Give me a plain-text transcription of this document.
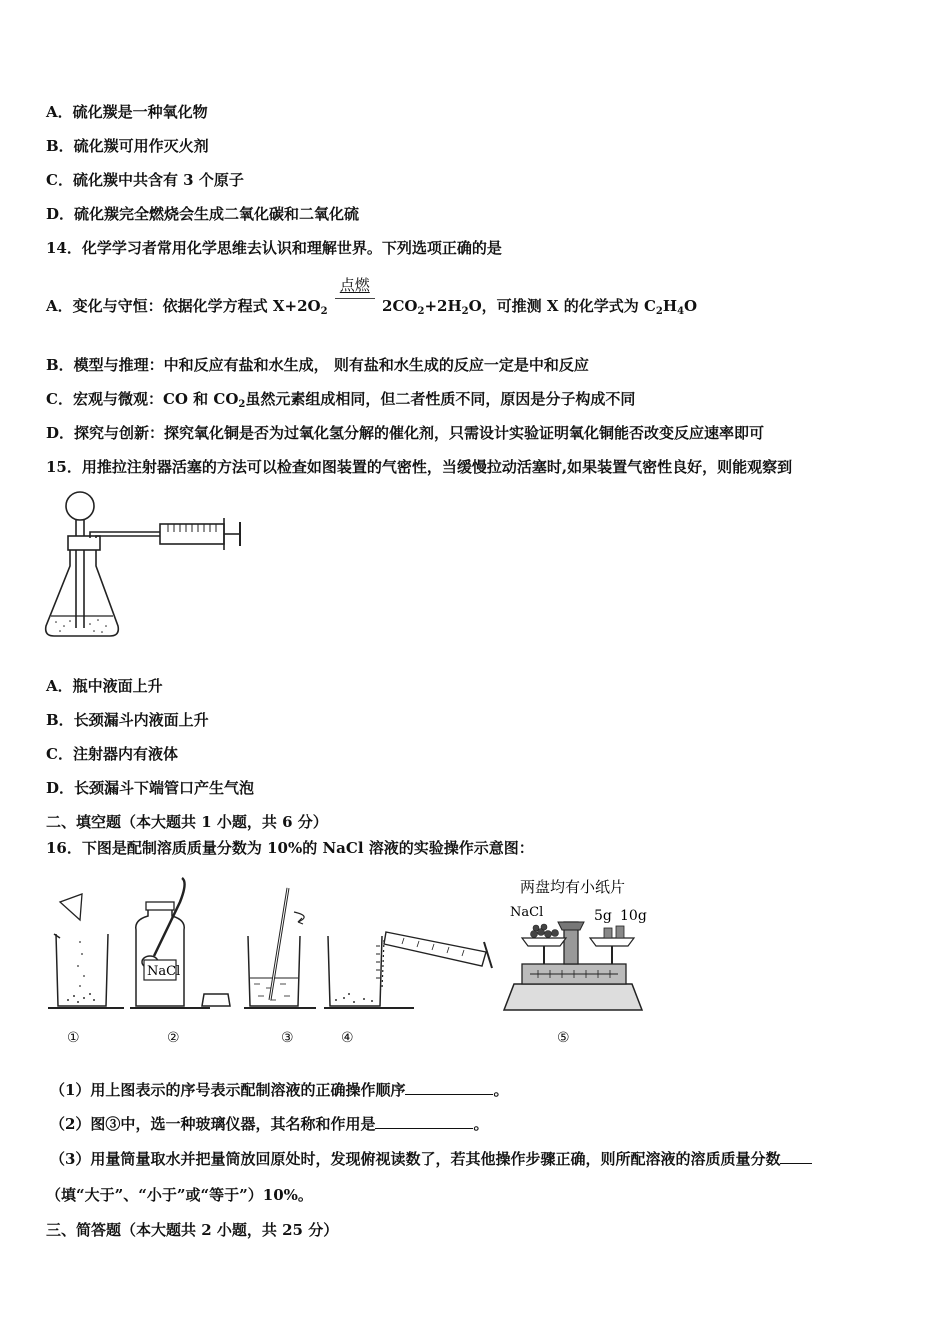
A．硫化羰是一种氧化物
B．硫化羰可用作灭火剂
C．硫化羰中共含有 3 个原子
D．硫化羰完全燃烧会生成二氧化碳和二氧化硫
14．化学学习者常用化学思维去认识和理解世界。下列选项正确的是
A．变化与守恒：依据化学方程式 $X+2O_2$
点燃
$2CO_2+2H_2O$，可推测 X 的化学式为 $C_2H_4O$
B．模型与推理：中和反应有盐和水生成， 则有盐和水生成的反应一定是中和反应
C．宏观与微观：CO 和 $CO_2$虽然元素组成相同，但二者性质不同，原因是分子构成不同
D．探究与创新：探究氧化铜是否为过氧化氢分解的催化剂，只需设计实验证明氧化铜能否改变反应速率即可
15．用推拉注射器活塞的方法可以检查如图装置的气密性，当缓慢拉动活塞时,如果装置气密性良好，则能观察到
A．瓶中液面上升
B．长颈漏斗内液面上升
C．注射器内有液体
D．长颈漏斗下端管口产生气泡
二、填空题（本大题共 1 小题，共 6 分）
16．下图是配制溶质质量分数为 10%的 NaCl 溶液的实验操作示意图：
NaCl
两盘均有小纸片
NaCl	5g 10g
①	②	③	④	⑤
（1）用上图表示的序号表示配制溶液的正确操作顺序	。
（2）图③中，选一种玻璃仪器，其名称和作用是	。
（3）用量筒量取水并把量筒放回原处时，发现俯视读数了，若其他操作步骤正确，则所配溶液的溶质质量分数
（填“大于”、“小于”或“等于”）10%。
三、简答题（本大题共 2 小题，共 25 分）
